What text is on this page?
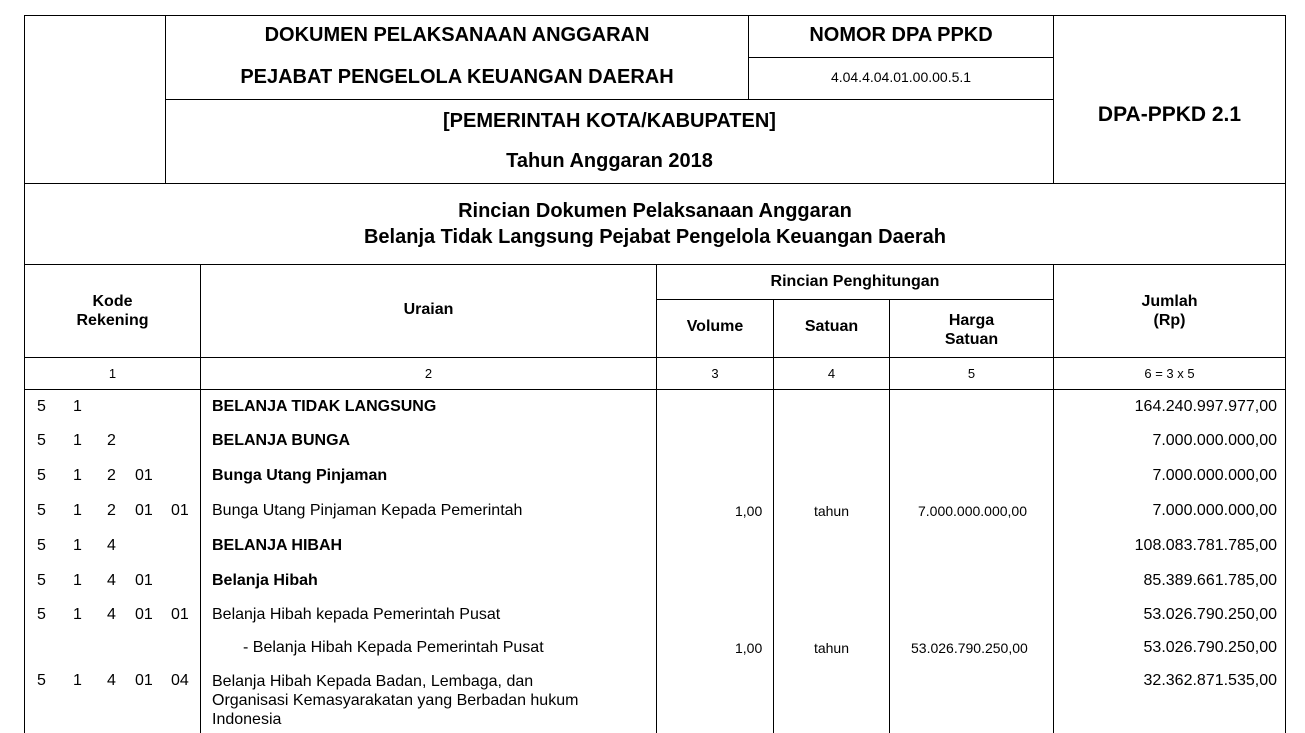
DOKUMEN PELAKSANAAN ANGGARAN
PEJABAT PENGELOLA KEUANGAN DAERAH
NOMOR DPA PPKD
4.04.4.04.01.00.00.5.1
DPA-PPKD 2.1
[PEMERINTAH KOTA/KABUPATEN]
Tahun Anggaran 2018
Rincian Dokumen Pelaksanaan Anggaran
Belanja Tidak Langsung Pejabat Pengelola Keuangan Daerah
Kode
Rekening
Uraian
Rincian Penghitungan
Volume	Satuan	Harga
Satuan
Jumlah
(Rp)
1	2	3	4	5	6 = 3 x 5
5 1	BELANJA TIDAK LANGSUNG	164.240.997.977,00
5 1 2	BELANJA BUNGA	7.000.000.000,00
5 1 2 01	Bunga Utang Pinjaman	7.000.000.000,00
5 1 2 01 01 Bunga Utang Pinjaman Kepada Pemerintah	1,00	tahun	7.000.000.000,00	7.000.000.000,00
5 1 4	BELANJA HIBAH	108.083.781.785,00
5 1 4 01	Belanja Hibah	85.389.661.785,00
5 1 4 01 01 Belanja Hibah kepada Pemerintah Pusat	53.026.790.250,00
- Belanja Hibah Kepada Pemerintah Pusat	1,00	tahun	53.026.790.250,00	53.026.790.250,00
5 1 4 01 04 Belanja Hibah Kepada Badan, Lembaga, dan
Organisasi Kemasyarakatan yang Berbadan hukum
Indonesia
32.362.871.535,00
